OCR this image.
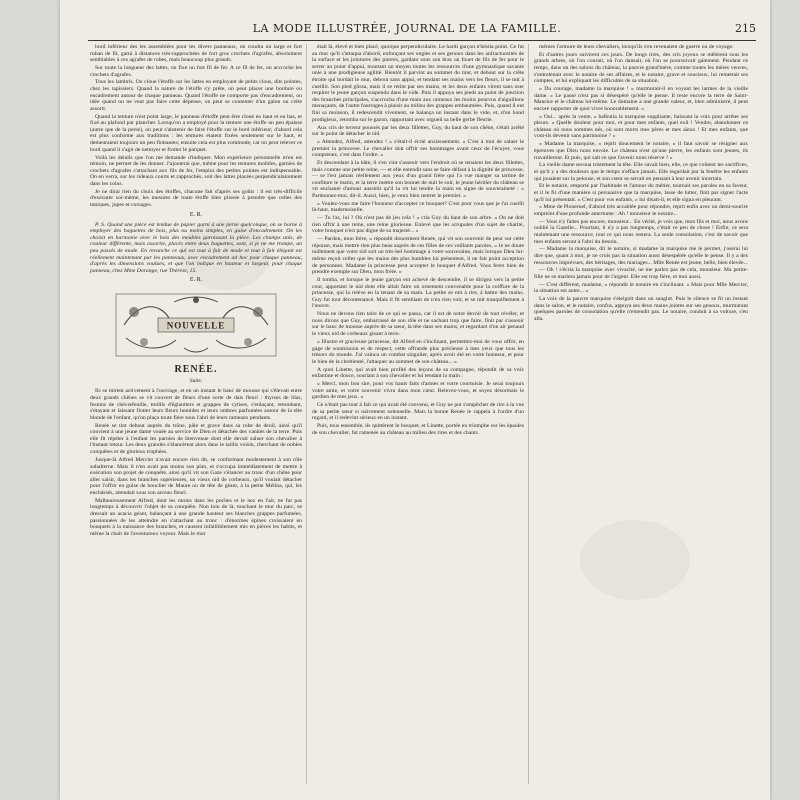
LA MODE ILLUSTRÉE, JOURNAL DE LA FAMILLE.	215

bord inférieur des les assemblées pour les divers panneaux, on coudra un large et fort ruban de fil, garni à distances très-rapprochées de fort gros crochets d'agrafes, absolument semblables à ces agrafes de robes, mais beaucoup plus grands.

Sur toute la longueur des lattes, on fixe un fort fil de fer. A ce fil de fer, on accroche les crochets d'agrafes.

Tous les lambris. On cloue l'étoffe sur les lattes en employant de petits clous, dits pointes, chez les tapissiers. Quand la nature de l'étoffe s'y prête, on peut placer une bordure ou encadrement autour de chaque panneau. Quand l'étoffe ne comporte pas d'encadrement, on idée quand on ne veut pas faire cette dépense, on peut se contenter d'un galon ou crête assorti.

Quand la tenture n'est point large, le panneau d'étoffe peut être cloué en haut et en bas, et fixé au plafond par plancher. Lorsqu'on a employé pour la tenture une étoffe un peu épaisse (autre que de la perse), on peut s'abstenir de faire l'étoffe sur le bord inférieur; d'abord cela est plus conforme aux traditions : les tentures étaient fixées seulement sur le haut, et demeuraient toujours un peu flottantes; ensuite cela est plus commode, car on peut relever ce bord quand il s'agit de nettoyer et frotter le parquet.

Voilà les détails que l'on me demande d'indiquer. Mon expérience personnelle m'en est témoin, ne permet de les donner. J'ajouterai que, même pour les tentures mobiles, garnies de crochets d'agrafes s'attachant aux fils de fer, l'emploi des petites pointes est indispensable. On en verra, sur les rideaux courts et rapprochés, soit des lattes placées perpendiculairement dans les coins.

Je ne dirai rien du choix des étoffes, chacune fait d'après ses goûts : il est très-difficile d'exécuter soi-même, les mesures de toute étoffe bien plissée à prendre que celles des tuniques, jupes et corsages.

E. R.

P. S. Quand une pièce est tendue de papier garni à une perse quelconque, on se borne à employer des baguettes de bois, plus ou moins simples, en guise d'encadrement. On les choisit en harmonie avec le bois des meubles garnissant la pièce. Les champs unis, de couleur différente, mais assortie, placés entre deux baguettes, sont, si je ne me trompe, un peu passés de mode. En revanche ce qui est tout à fait de mode et tout à fait élégant est réellement maintenant par les panneaux, avec encadrement ad hoc pour chaque panneau, d'après les dimensions voulues, et que l'on indique en hauteur et largeur, pour chaque panneau, chez Mme Dorange, rue Thérèse, 15.

E. R.
NOUVELLE
RENÉE.
Suite.

Ils se mirent activement à l'ouvrage, et en un instant le banc de mousse qui s'élevait entre deux grands chênes se vit couvert de fleurs d'une sorte de dais fleuri : thyrses de lilas, festons de chèvrefeuille, treillis d'églantiers et grappes de cytises, s'enlaçant, retombant, s'étayant et laissant flotter leurs fleurs humides et leurs ombres parfumées autour de la tête blonde de l'enfant, qu'on plaça toute fière sous l'abri de leurs rameaux pendants.

Renée se tint debout auprès du trône, pâle et grave dans sa robe de deuil, ainsi qu'il convient à une jeune dame vouée au service de Dieu et détachée des vanités de la terre. Puis elle fit répéter à l'enfant les paroles de bienvenue dont elle devait saluer son chevalier à l'instant retour. Les deux grandes s'élancèrent alors dans le taillis voisin, cherchant de nobles conquêtes et de glorieux trophées.

Jusque-là Alfred Mercier n'avait encore rien dit, se conformant modestement à son rôle subalterne. Mais il n'en avait pas moins son plan, et s'occupa immédiatement de mettre à exécution son projet de conquête, ainsi qu'il vit son Gaze s'élancer au tronc d'un chêne pour aller saisir, dans les branches supérieures, un vieux nid de corbeaux, qu'il voulait détacher pour l'offrir en guise de bouclier de Maure ou de tête de géant, à la petite Mélina, qui, les enchâssés, attendait sous son arceau fleuri.

Malheureusement Alfred, dont les moins dans les poches et le nez en l'air, ne fut pas longtemps à découvrir l'objet de sa conquête. Non loin de là, touchant le mur du parc, se dressait un acacia géant, balançant à une grande hauteur ses blanches grappes parfumées, passionnées de les atteindre en s'attachant au tronc : d'énormes épines croissaient en bouquets à la naissance des branches, et causent infailliblement mis en pièces les habits, et même la chair de l'aventureux voyeur. Mais le mur

était là, élevé et bien placé, quoique perpendiculaire. Le hardi garçon n'hésita point. Ce fut au mur qu'il s'attaqua d'abord, enfonçant ses ongles et ses genoux dans les anfractuosités de la surface et les jointures des pierres, gardant sous son bras un fouet de fils de fer pour le serrer au point d'appui, montant un moyen toutes les ressources d'une gymnastique savante unie à une prodigieuse agilité. Bientôt il parvint au sommet du mur, et debout sur la crête étroite qui bordait le mur, debout sans appui, et tendant ses mains vers les fleurs, il se mit à cueillir. Son pied glissa, mais il se retint par ses mains, et les deux enfants virent sans oser respirer le jeune garçon suspendu dans le vide. Puis il appuya ses pieds au point de jonction des branches principales, s'accrocha d'une main aux rameaux les moins pourvus d'aiguillons menaçants, de l'autre fourragea à plaisir au milieu des grappes embaumées. Puis, quand il eut fini sa moisson, il redescendit vivement, se balança un instant dans le vide, et, d'un bond prodigieux, retomba sur le gazon, rapportant avec orgueil sa belle gerbe fleurie.

Aux cris de terreur poussés par les deux fillettes, Guy, du haut de son chêne, s'était arrêté sur le point de détacher le nid.

« Attendez, Alfred, attendez ! » s'était-il écrié anxieusement. « C'est à moi de saluer le premier la princesse. Le chevalier doit offrir ses hommages avant ceux de l'écuyer, vous comprenez, c'est dans l'ordre. »

Et descendant à la hâte, il s'en vint s'asseoir vers l'endroit où se tenaient les deux fillettes, mais comme une petite reine, — et elle entendit sans se faire défaut à la dignité de princesse, — se l'est jamais réellement aux yeux d'un grand frère qui l'a vue manger sa tartine de confiture le matin, et la terre mettre son bonnet de nuit le soir, le jeune héritier du château se vit enchanté d'amour aussitôt qu'il la vit lui tendre la main en signe de souveraineté : « Pardonnez-moi, dit-il. Aussi, bien, je veux bien rentrer le premier. »

« Voulez-vous me faire l'honneur d'accepter ce bouquet? C'est pour vous que je l'ai cueilli là-haut, mademoiselle.

— Tu l'as, lui ? Où n'est pas de jeu cela ! » cria Guy du haut de son arbre. « On ne doit rien offrir à une reine, une reine glorieuse. Enlevé que les scrupules d'un sujet de charité, votre bouquet n'est pas digne de sa majesté... »

— Pardon, mon frère, » répondit doucement Renée, qui vit son souvenir de peur sur cette réponse, mais mettre rien plus beau auprès de ces filles de ces vaillants paroles, « Je ne doute nullement que votre nid soit un très-bel hommage à votre souveraine, mais lorsque Dieu lui-même reçoit celles que les mains des plus humbles lui présentent, il ne fait point acception de personnes. Madame la princesse peut accepter le bouquet d'Alfred. Vous ferez bien de prendre exemple sur Dieu, mon frère. »

Il tomba, et lorsque le jeune garçon eut achevé de descendre, il se dirigea vers la petite cour, apportant le nid dont elle allait faire un ornement convenable pour la coiffure de la princesse, qui la relève en la tenant de sa main. La petite se mit à rire, à battre des mains. Guy fut tout décontenancé. Mais il fit semblant de n'en rien voir, et se mit tranquillement à l'œuvre.

Nous ne devons rien taire de ce qui se passa, car il est de notre devoir de tout révéler, et nous dirons que Guy, embarrassé de son rôle et ne sachant trop que faire, finit par s'asseoir sur le banc de mousse auprès de sa sœur, la tête dans ses mains, et regardant d'un air penaud le vieux nid de corbeaux gisant à terre.

« Illustre et gracieuse princesse, dit Alfred en s'inclinant, permettez-moi de vous offrir, en gage de soumission et de respect, cette offrande plus précieuse à mes yeux que tous les trésors du monde. J'ai vaincu un combat singulier, après avoir été en votre honneur, et pour le bien de la chrétienté, l'attaquer au sommet de son château... »

A quoi Linette, qui avait bien profité des leçons de sa compagne, répondit de sa voix enfantine et douce, souriant à son chevalier et lui tendant la main :

« Merci, mon bon sire, pour vos hauts faits d'armes et votre courtoisie. Je serai toujours votre amie, et votre souvenir vivra dans mon cœur. Relevez-vous, et soyez désormais le gardien de mes jeux. »

Ce n'était pas tout à fait ce qui avait été convenu, et Guy ne put s'empêcher de rire à la vue de sa petite sœur si naïvement solennelle. Mais la bonne Renée le rappela à l'ordre d'un regard, et il redevint sérieux en un instant.

Puis, tous ensemble, ils quittèrent le bosquet, et Linette, portée en triomphe sur les épaules de son chevalier, fut ramenée au château au milieu des rires et des chants.

mêmes l'armure de leurs chevaliers, lorsqu'ils s'en revenaient de guerre ou de voyage.

Et d'autres jours suivirent ces jours. De longs rires, des cris joyeux se mêlèrent sous les grands arbres, où l'on courait, où l'on dansait, où l'on se poursuivait gaiement. Pendant ce temps, dans un des salons du château, la pauvre grand'mère, comme toutes les mères veuves, s'entretenait avec le notaire de ses affaires, et le notaire, grave et soucieux, lui remettait ses comptes, et lui expliquait les difficultés de sa situation.

« Du courage, madame la marquise ! » murmurait-il en voyant les larmes de la vieille dame. « Le passé n'est pas si désespéré qu'elle le pense. Il reste encore la terre de Saint-Maurice et le château lui-même. Le domaine a une grande valeur, et, bien administré, il peut encore rapporter de quoi vivre honorablement. »

« Oui... après la vente, » balbutia la marquise suppliante, baissant la voix pour arrêter ses pleurs. « Quelle douleur pour moi, et pour mes enfants, quel exil ! Vendre, abandonner ce château où nous sommes nés, où sont morts mes pères et mes aïeux ! Et mes enfants, que vont-ils devenir sans patrimoine ? »

« Madame la marquise, » reprit doucement le notaire, « il faut savoir se résigner aux épreuves que Dieu nous envoie. Le château n'est qu'une pierre, les enfants sont jeunes, ils travailleront. Et puis, qui sait ce que l'avenir nous réserve ? »

La vieille dame secoua tristement la tête. Elle savait bien, elle, ce que coûtent les sacrifices, et qu'il y a des douleurs que le temps n'efface jamais. Elle regardait par la fenêtre les enfants qui jouaient sur la pelouse, et son cœur se serrait en pensant à leur avenir incertain.

Et le notaire, emporté par l'habitude et l'amour du métier, tournait ses paroles en sa faveur, et il le fit d'une manière si persuasive que la marquise, lasse de lutter, finit par signer l'acte qu'il lui présentait. « C'est pour vos enfants, » lui disait-il, et elle signa en pleurant.

« Mme de Plouernel, d'abord très accablée pour répondre, reprit enfin avec un demi-sourire empreint d'une profonde amertume : Ah ! monsieur le notaire...

— Vous n'y faites pas encore, monsieur... En vérité, je vois que, mon fils et moi, nous avons oublié la Gazelle... Pourtant, il n'y a pas longtemps, c'était ce peu de chose ! Enfin, ce sera maintenant une ressource, tout ce qui nous restera. La seule consolation, c'est de savoir que mes enfants seront à l'abri du besoin.

— Madame la marquise, dit le notaire, si madame la marquise me le permet, j'oserai lui dire que, quant à moi, je ne crois pas la situation aussi désespérée qu'elle le pense. Il y a des ressources imprévues, des héritages, des mariages... Mlle Renée est jeune, belle, bien élevée...

— Oh ! s'écria la marquise avec vivacité, ne me parlez pas de cela, monsieur. Ma petite-fille ne se mariera jamais pour de l'argent. Elle est trop fière, et moi aussi.

— C'est différent, madame, » répondit le notaire en s'inclinant. « Mais pour Mlle Mercier, la situation est autre... »

La voix de la pauvre marquise s'éteignit dans un sanglot. Puis le silence se fit un instant dans le salon, et le notaire, confus, appuya ses deux mains jointes sur ses genoux, murmurant quelques paroles de consolation qu'elle n'entendit pas. Le notaire, conduit à sa voiture, s'en alla.
